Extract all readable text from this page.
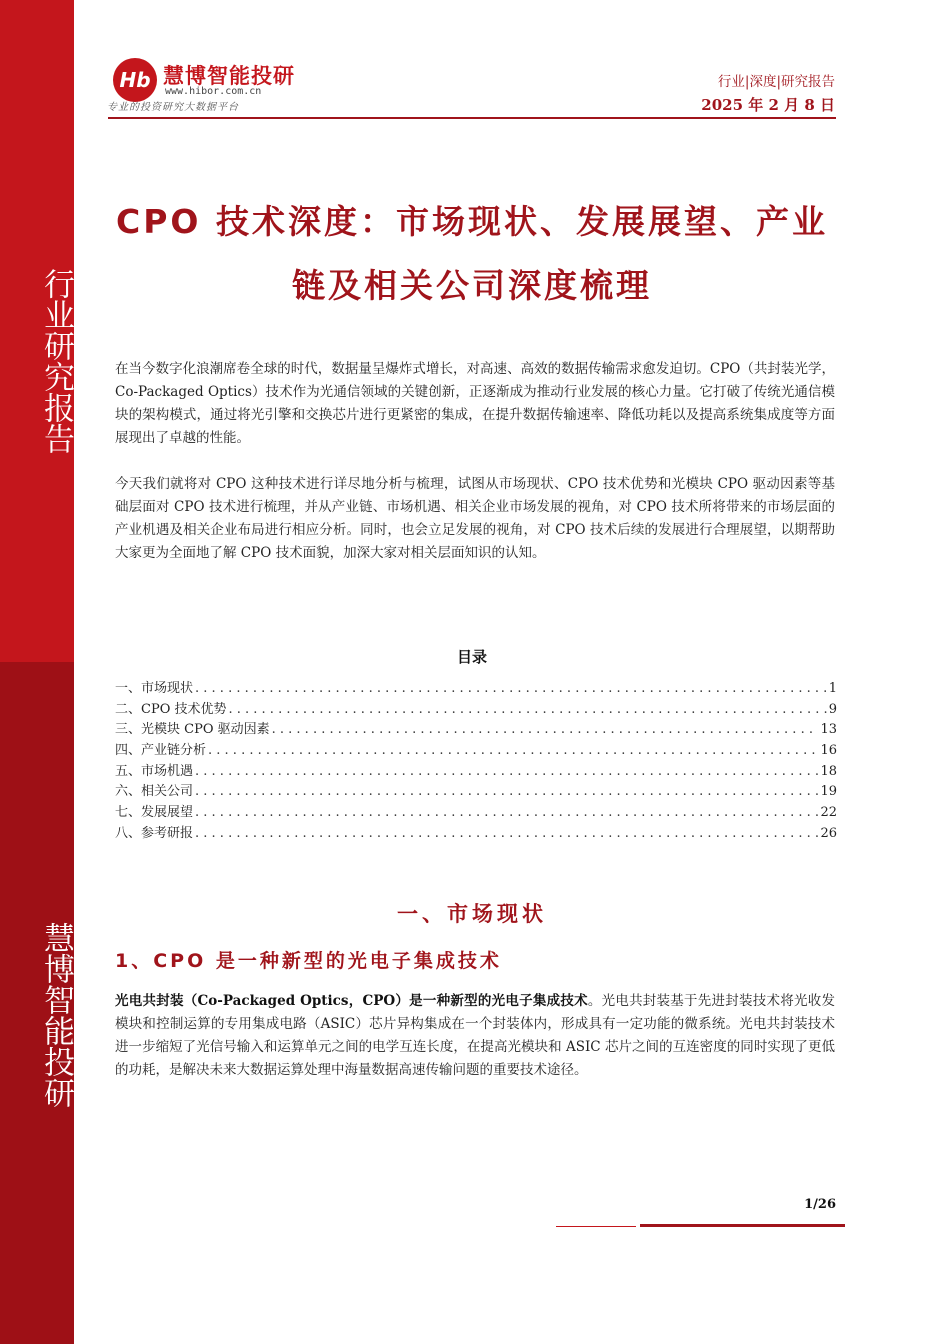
行业研究报告
慧博智能投研
Hb 慧博智能投研
www.hibor.com.cn
专业的投资研究大数据平台
行业|深度|研究报告
2025 年 2 月 8 日
CPO 技术深度：市场现状、发展展望、产业
链及相关公司深度梳理

在当今数字化浪潮席卷全球的时代，数据量呈爆炸式增长，对高速、高效的数据传输需求愈发迫切。CPO（共封装光学，Co-Packaged Optics）技术作为光通信领域的关键创新，正逐渐成为推动行业发展的核心力量。它打破了传统光通信模块的架构模式，通过将光引擎和交换芯片进行更紧密的集成，在提升数据传输速率、降低功耗以及提高系统集成度等方面展现出了卓越的性能。

今天我们就将对 CPO 这种技术进行详尽地分析与梳理，试图从市场现状、CPO 技术优势和光模块 CPO 驱动因素等基础层面对 CPO 技术进行梳理，并从产业链、市场机遇、相关企业市场发展的视角，对 CPO 技术所将带来的市场层面的产业机遇及相关企业布局进行相应分析。同时，也会立足发展的视角，对 CPO 技术后续的发展进行合理展望，以期帮助大家更为全面地了解 CPO 技术面貌，加深大家对相关层面知识的认知。

目录
一、市场现状 . . .	1
二、CPO 技术优势 . . .	9
三、光模块 CPO 驱动因素 . . .	13
四、产业链分析 . . .	16
五、市场机遇 . . .	18
六、相关公司 . . .	19
七、发展展望 . . .	22
八、参考研报 . . .	26
一、市场现状
1、CPO 是一种新型的光电子集成技术

光电共封装（Co-Packaged Optics，CPO）是一种新型的光电子集成技术。光电共封装基于先进封装技术将光收发模块和控制运算的专用集成电路（ASIC）芯片异构集成在一个封装体内，形成具有一定功能的微系统。光电共封装技术进一步缩短了光信号输入和运算单元之间的电学互连长度，在提高光模块和 ASIC 芯片之间的互连密度的同时实现了更低的功耗，是解决未来大数据运算处理中海量数据高速传输问题的重要技术途径。

1/26
